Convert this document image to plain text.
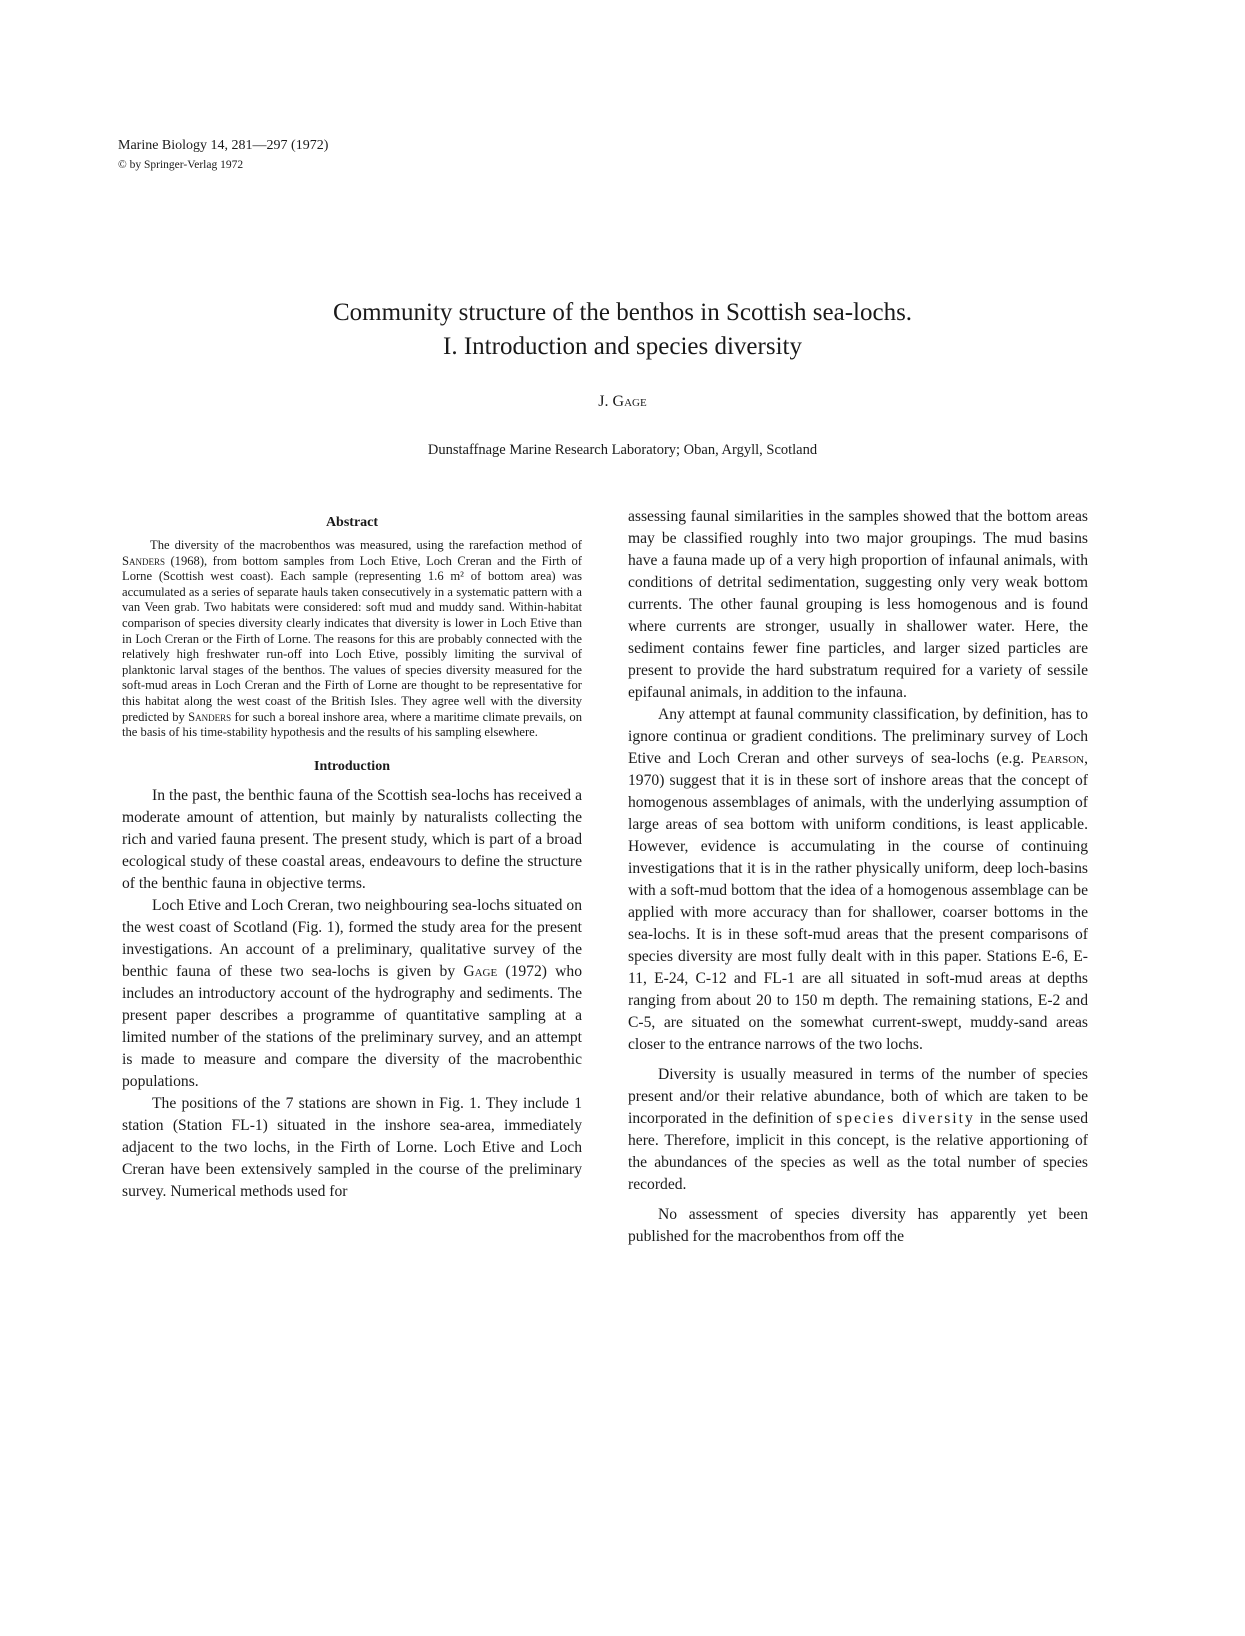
Marine Biology 14, 281—297 (1972)
© by Springer-Verlag 1972
Community structure of the benthos in Scottish sea-lochs.
I. Introduction and species diversity
J. Gage
Dunstaffnage Marine Research Laboratory; Oban, Argyll, Scotland
Abstract

The diversity of the macrobenthos was measured, using the rarefaction method of Sanders (1968), from bottom samples from Loch Etive, Loch Creran and the Firth of Lorne (Scottish west coast). Each sample (representing 1.6 m² of bottom area) was accumulated as a series of separate hauls taken consecutively in a systematic pattern with a van Veen grab. Two habitats were considered: soft mud and muddy sand. Within-habitat comparison of species diversity clearly indicates that diversity is lower in Loch Etive than in Loch Creran or the Firth of Lorne. The reasons for this are probably connected with the relatively high freshwater run-off into Loch Etive, possibly limiting the survival of planktonic larval stages of the benthos. The values of species diversity measured for the soft-mud areas in Loch Creran and the Firth of Lorne are thought to be representative for this habitat along the west coast of the British Isles. They agree well with the diversity predicted by Sanders for such a boreal inshore area, where a maritime climate prevails, on the basis of his time-stability hypothesis and the results of his sampling elsewhere.

Introduction

In the past, the benthic fauna of the Scottish sea-lochs has received a moderate amount of attention, but mainly by naturalists collecting the rich and varied fauna present. The present study, which is part of a broad ecological study of these coastal areas, endeavours to define the structure of the benthic fauna in objective terms.

Loch Etive and Loch Creran, two neighbouring sea-lochs situated on the west coast of Scotland (Fig. 1), formed the study area for the present investigations. An account of a preliminary, qualitative survey of the benthic fauna of these two sea-lochs is given by Gage (1972) who includes an introductory account of the hydrography and sediments. The present paper describes a programme of quantitative sampling at a limited number of the stations of the preliminary survey, and an attempt is made to measure and compare the diversity of the macrobenthic populations.

The positions of the 7 stations are shown in Fig. 1. They include 1 station (Station FL-1) situated in the inshore sea-area, immediately adjacent to the two lochs, in the Firth of Lorne. Loch Etive and Loch Creran have been extensively sampled in the course of the preliminary survey. Numerical methods used for

assessing faunal similarities in the samples showed that the bottom areas may be classified roughly into two major groupings. The mud basins have a fauna made up of a very high proportion of infaunal animals, with conditions of detrital sedimentation, suggesting only very weak bottom currents. The other faunal grouping is less homogenous and is found where currents are stronger, usually in shallower water. Here, the sediment contains fewer fine particles, and larger sized particles are present to provide the hard substratum required for a variety of sessile epifaunal animals, in addition to the infauna.

Any attempt at faunal community classification, by definition, has to ignore continua or gradient conditions. The preliminary survey of Loch Etive and Loch Creran and other surveys of sea-lochs (e.g. Pearson, 1970) suggest that it is in these sort of inshore areas that the concept of homogenous assemblages of animals, with the underlying assumption of large areas of sea bottom with uniform conditions, is least applicable. However, evidence is accumulating in the course of continuing investigations that it is in the rather physically uniform, deep loch-basins with a soft-mud bottom that the idea of a homogenous assemblage can be applied with more accuracy than for shallower, coarser bottoms in the sea-lochs. It is in these soft-mud areas that the present comparisons of species diversity are most fully dealt with in this paper. Stations E-6, E-11, E-24, C-12 and FL-1 are all situated in soft-mud areas at depths ranging from about 20 to 150 m depth. The remaining stations, E-2 and C-5, are situated on the somewhat current-swept, muddy-sand areas closer to the entrance narrows of the two lochs.

Diversity is usually measured in terms of the number of species present and/or their relative abundance, both of which are taken to be incorporated in the definition of species diversity in the sense used here. Therefore, implicit in this concept, is the relative apportioning of the abundances of the species as well as the total number of species recorded.

No assessment of species diversity has apparently yet been published for the macrobenthos from off the
